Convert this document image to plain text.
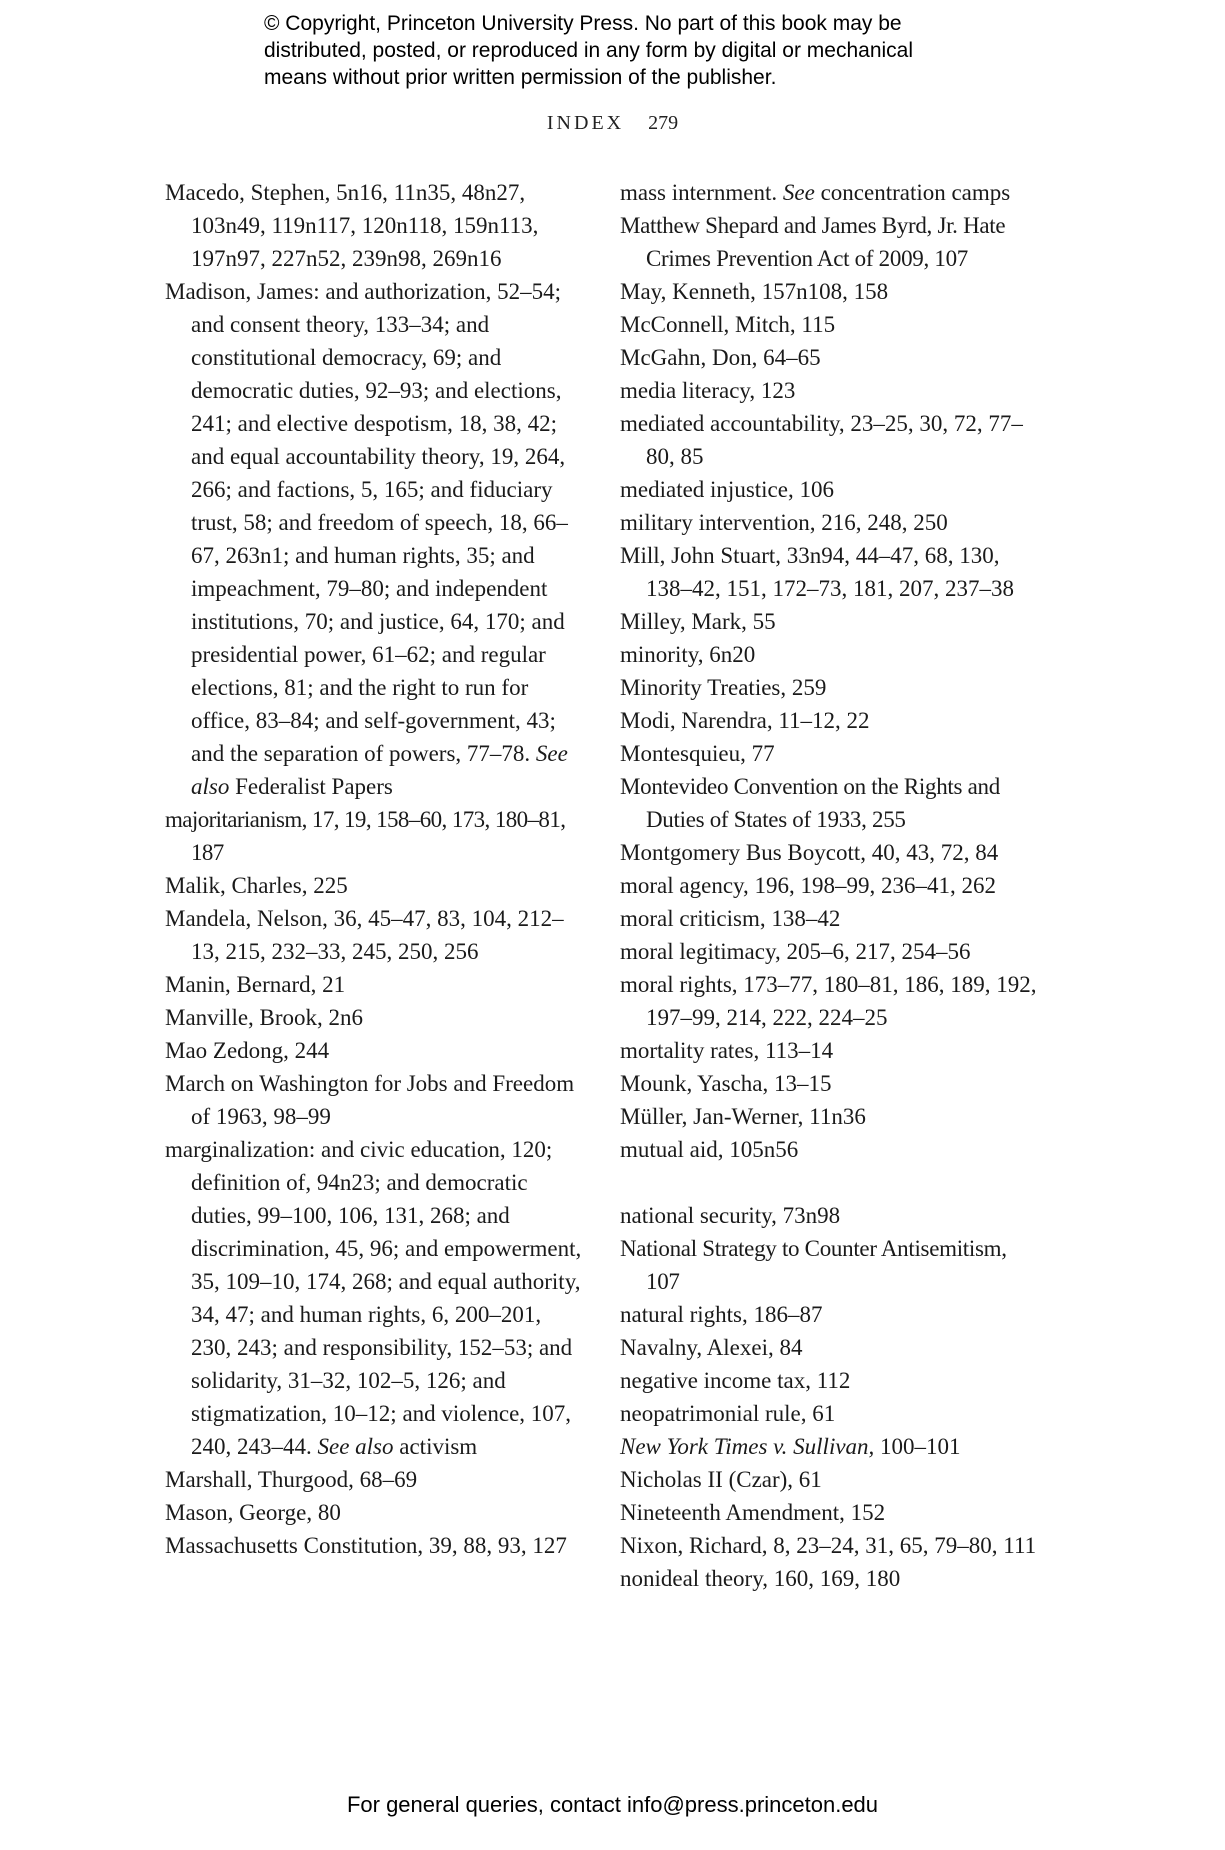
© Copyright, Princeton University Press. No part of this book may be
distributed, posted, or reproduced in any form by digital or mechanical
means without prior written permission of the publisher.
INDEX 279

Macedo, Stephen, 5n16, 11n35, 48n27, 103n49, 119n117, 120n118, 159n113, 197n97, 227n52, 239n98, 269n16

Madison, James: and authorization, 52–54; and consent theory, 133–34; and constitutional democracy, 69; and democratic duties, 92–93; and elections, 241; and elective despotism, 18, 38, 42; and equal accountability theory, 19, 264, 266; and factions, 5, 165; and fiduciary trust, 58; and freedom of speech, 18, 66–67, 263n1; and human rights, 35; and impeachment, 79–80; and independent institutions, 70; and justice, 64, 170; and presidential power, 61–62; and regular elections, 81; and the right to run for office, 83–84; and self-government, 43; and the separation of powers, 77–78. See also Federalist Papers

majoritarianism, 17, 19, 158–60, 173, 180–81, 187

Malik, Charles, 225

Mandela, Nelson, 36, 45–47, 83, 104, 212–13, 215, 232–33, 245, 250, 256

Manin, Bernard, 21

Manville, Brook, 2n6

Mao Zedong, 244

March on Washington for Jobs and Freedom of 1963, 98–99

marginalization: and civic education, 120; definition of, 94n23; and democratic duties, 99–100, 106, 131, 268; and discrimination, 45, 96; and empowerment, 35, 109–10, 174, 268; and equal authority, 34, 47; and human rights, 6, 200–201, 230, 243; and responsibility, 152–53; and solidarity, 31–32, 102–5, 126; and stigmatization, 10–12; and violence, 107, 240, 243–44. See also activism

Marshall, Thurgood, 68–69

Mason, George, 80

Massachusetts Constitution, 39, 88, 93, 127

mass internment. See concentration camps

Matthew Shepard and James Byrd, Jr. Hate Crimes Prevention Act of 2009, 107

May, Kenneth, 157n108, 158

McConnell, Mitch, 115

McGahn, Don, 64–65

media literacy, 123

mediated accountability, 23–25, 30, 72, 77–80, 85

mediated injustice, 106

military intervention, 216, 248, 250

Mill, John Stuart, 33n94, 44–47, 68, 130, 138–42, 151, 172–73, 181, 207, 237–38

Milley, Mark, 55

minority, 6n20

Minority Treaties, 259

Modi, Narendra, 11–12, 22

Montesquieu, 77

Montevideo Convention on the Rights and Duties of States of 1933, 255

Montgomery Bus Boycott, 40, 43, 72, 84

moral agency, 196, 198–99, 236–41, 262

moral criticism, 138–42

moral legitimacy, 205–6, 217, 254–56

moral rights, 173–77, 180–81, 186, 189, 192, 197–99, 214, 222, 224–25

mortality rates, 113–14

Mounk, Yascha, 13–15

Müller, Jan-Werner, 11n36

mutual aid, 105n56

national security, 73n98

National Strategy to Counter Antisemitism, 107

natural rights, 186–87

Navalny, Alexei, 84

negative income tax, 112

neopatrimonial rule, 61

New York Times v. Sullivan, 100–101

Nicholas II (Czar), 61

Nineteenth Amendment, 152

Nixon, Richard, 8, 23–24, 31, 65, 79–80, 111

nonideal theory, 160, 169, 180

For general queries, contact info@press.princeton.edu
